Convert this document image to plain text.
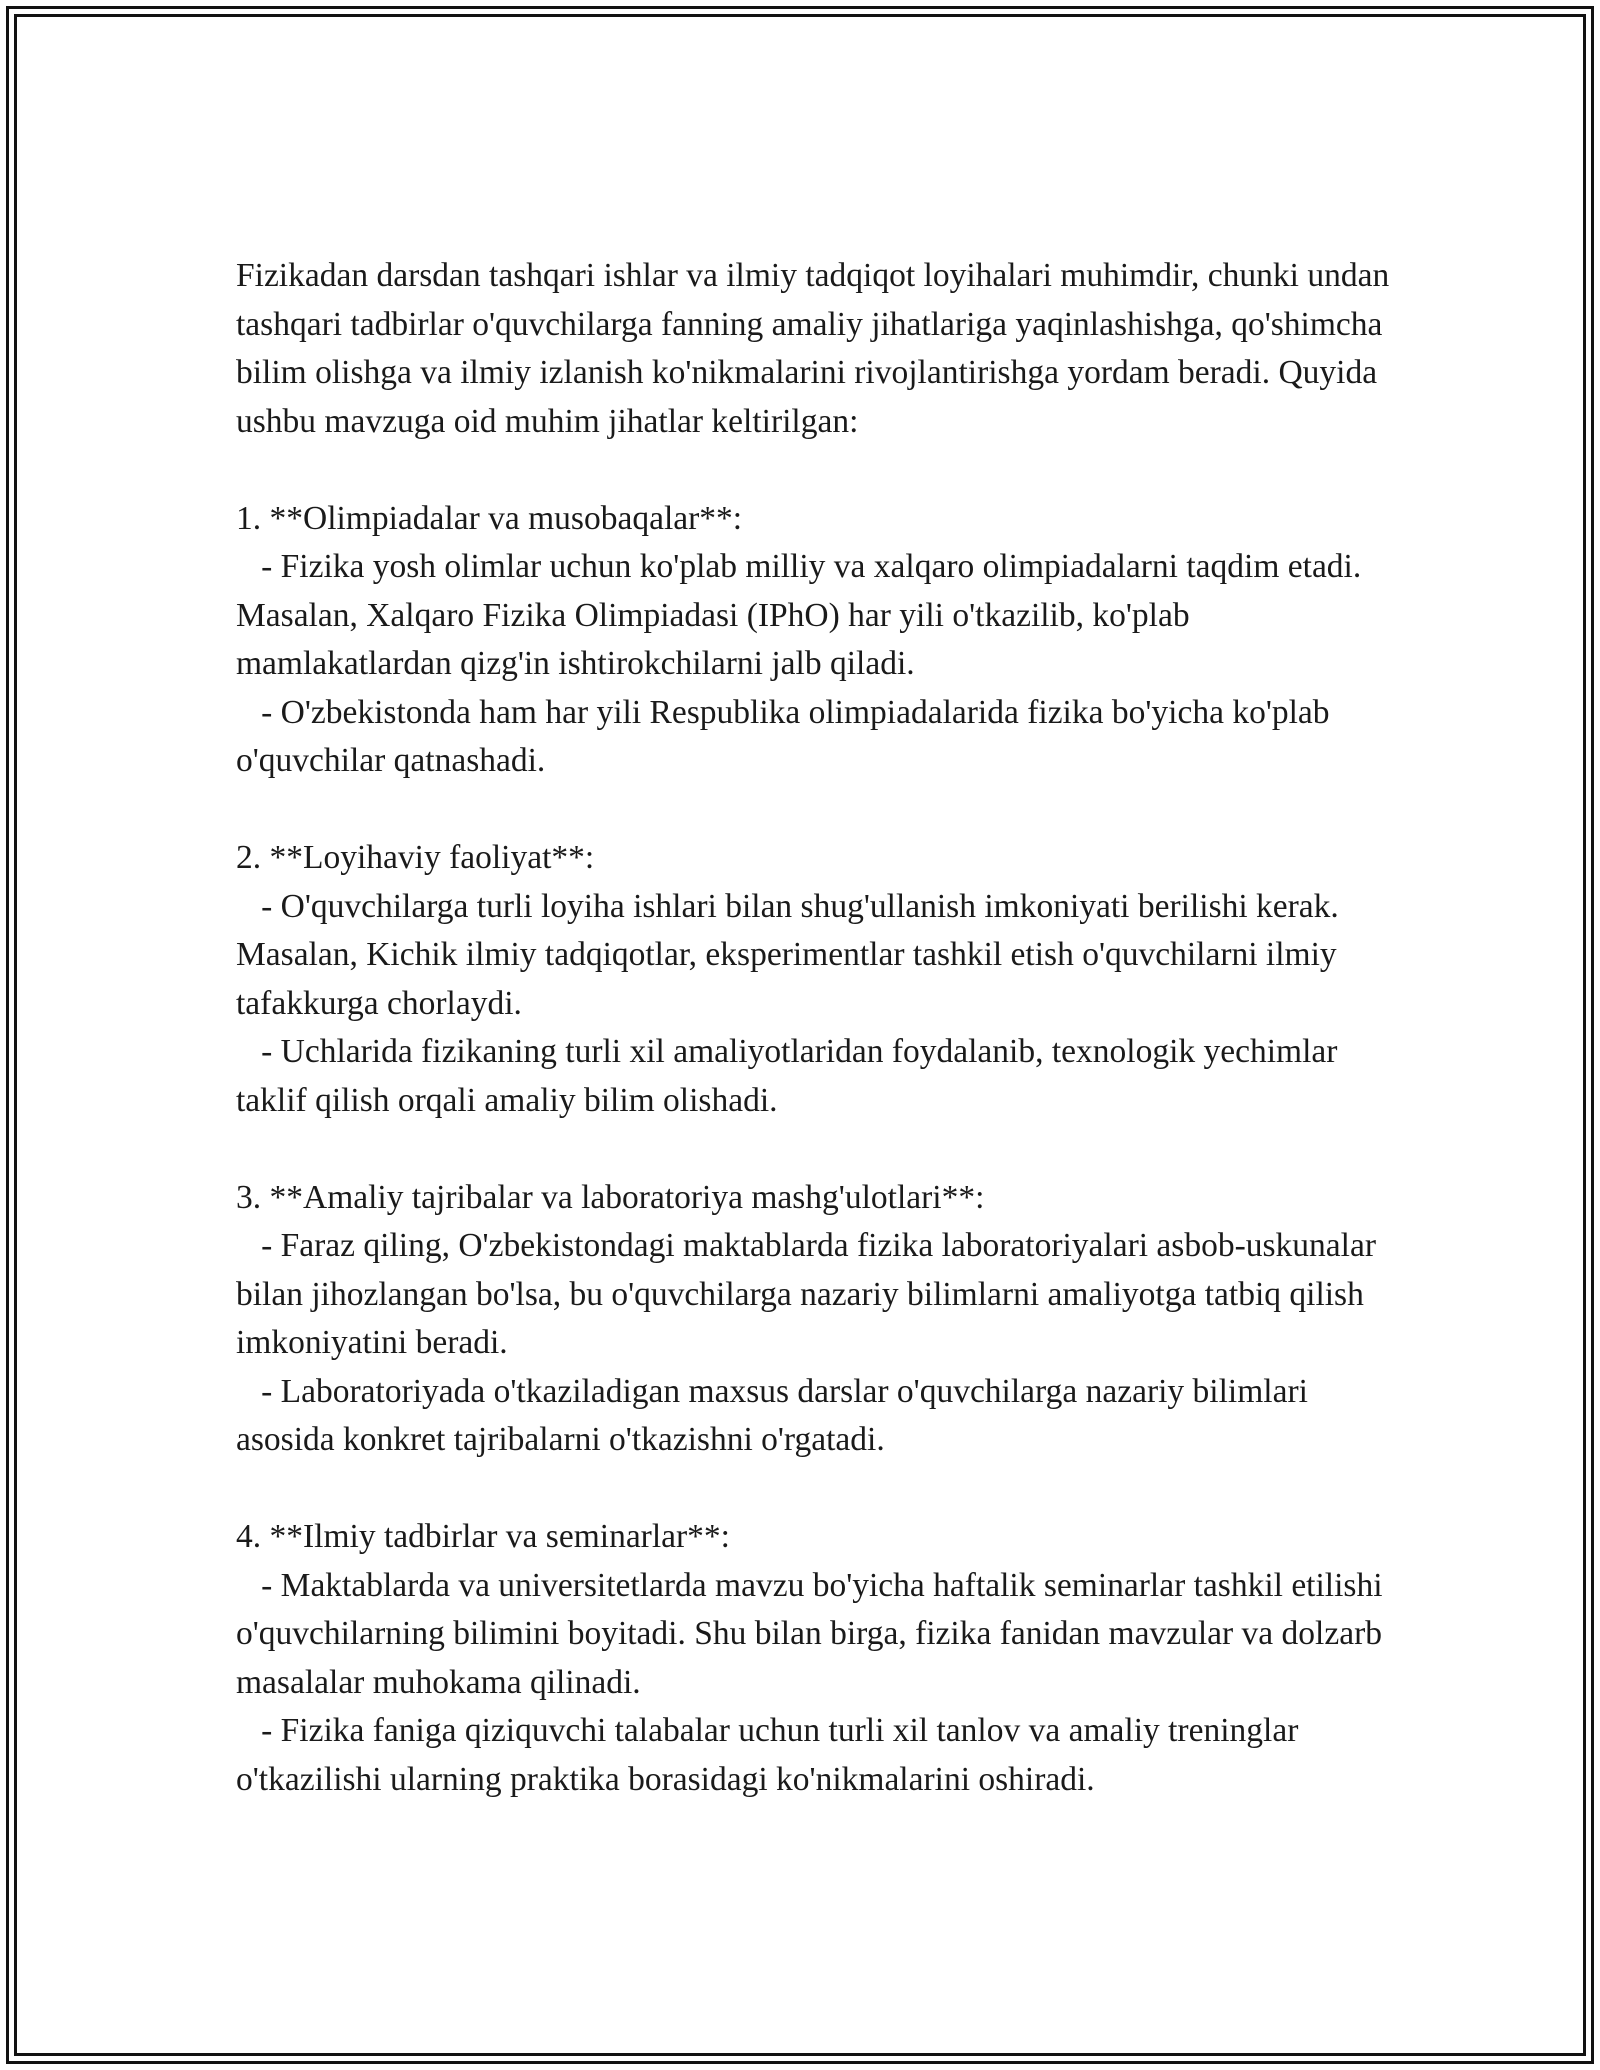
Fizikadan darsdan tashqari ishlar va ilmiy tadqiqot loyihalari muhimdir, chunki undan tashqari tadbirlar o'quvchilarga fanning amaliy jihatlariga yaqinlashishga, qo'shimcha bilim olishga va ilmiy izlanish ko'nikmalarini rivojlantirishga yordam beradi. Quyida ushbu mavzuga oid muhim jihatlar keltirilgan:

1. **Olimpiadalar va musobaqalar**:

- Fizika yosh olimlar uchun ko'plab milliy va xalqaro olimpiadalarni taqdim etadi. Masalan, Xalqaro Fizika Olimpiadasi (IPhO) har yili o'tkazilib, ko'plab mamlakatlardan qizg'in ishtirokchilarni jalb qiladi.

- O'zbekistonda ham har yili Respublika olimpiadalarida fizika bo'yicha ko'plab o'quvchilar qatnashadi.

2. **Loyihaviy faoliyat**:

- O'quvchilarga turli loyiha ishlari bilan shug'ullanish imkoniyati berilishi kerak. Masalan, Kichik ilmiy tadqiqotlar, eksperimentlar tashkil etish o'quvchilarni ilmiy tafakkurga chorlaydi.

- Uchlarida fizikaning turli xil amaliyotlaridan foydalanib, texnologik yechimlar taklif qilish orqali amaliy bilim olishadi.

3. **Amaliy tajribalar va laboratoriya mashg'ulotlari**:

- Faraz qiling, O'zbekistondagi maktablarda fizika laboratoriyalari asbob-uskunalar bilan jihozlangan bo'lsa, bu o'quvchilarga nazariy bilimlarni amaliyotga tatbiq qilish imkoniyatini beradi.

- Laboratoriyada o'tkaziladigan maxsus darslar o'quvchilarga nazariy bilimlari asosida konkret tajribalarni o'tkazishni o'rgatadi.

4. **Ilmiy tadbirlar va seminarlar**:

- Maktablarda va universitetlarda mavzu bo'yicha haftalik seminarlar tashkil etilishi o'quvchilarning bilimini boyitadi. Shu bilan birga, fizika fanidan mavzular va dolzarb masalalar muhokama qilinadi.

- Fizika faniga qiziquvchi talabalar uchun turli xil tanlov va amaliy treninglar o'tkazilishi ularning praktika borasidagi ko'nikmalarini oshiradi.
